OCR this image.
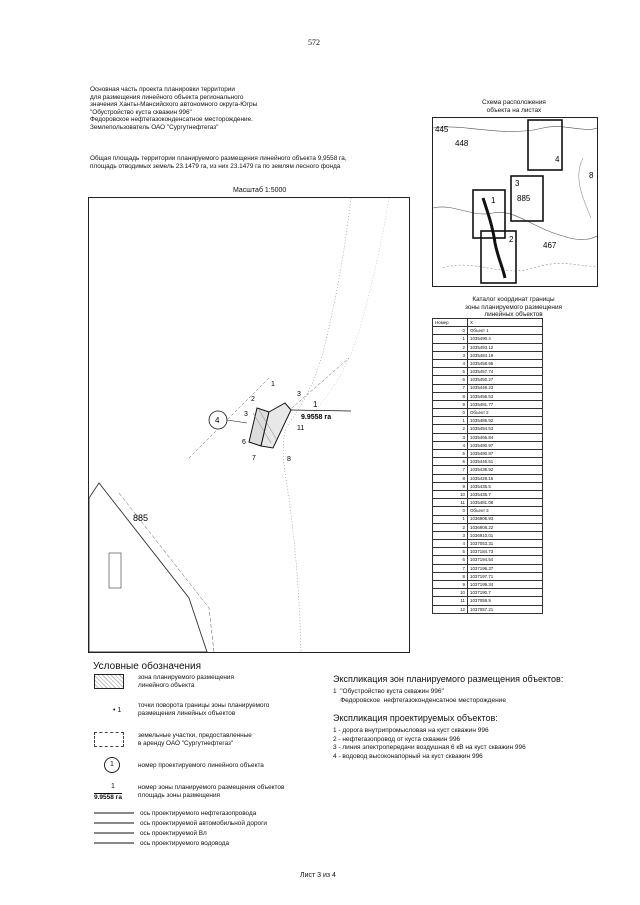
572
Основная часть проекта планировки территории
для размещения линейного объекта регионального
значения Ханты-Мансийского автономного округа-Югры
"Обустройство куста скважин 996"
Федоровское нефтегазоконденсатное месторождение.
Землепользователь ОАО "Сургутнефтегаз"
Общая площадь территории планируемого размещения линейного объекта 9,9558 га,
площадь отводимых земель 23.1479 га, из них 23.1479 га по землям лесного фонда
Масштаб 1:5000
885
1
2
3
3
6
7	8
11
1
9.9558 га
4
Схема расположения
объекта на листах
445
448
885
467
8
1
2
3
4
Каталог координат границы
зоны планируемого размещения
линейных объектов
Номер	X
0	Объект 1
1	1035490.4
2	1035493.12
3	1035484.19
4	1035458.95
5	1035457.74
6	1035450.27
7	1035448.23
8	1035456.53
9	1035481.77
0	Объект 2
1	1035486.92
2	1035494.53
3	1035466.84
4	1035490.97
5	1035490.87
6	1035445.51
7	1035438.92
8	1035428.16
9	1035435.5
10	1035435.7
11	1035481.08
0	Объект 3
1	1036906.93
2	1036908.22
3	1036910.01
4	1037053.31
5	1037184.73
6	1037194.54
7	1037196.37
8	1037197.71
9	1037199.34
10	1037190.7
11	1037059.9
12	1037057.21
Условные обозначения
зона планируемого размещения
линейного объекта
• 1
точки поворота границы зоны планируемого
размещения линейных объектов
земельные участки, предоставленные
в аренду ОАО "Сургутнефтегаз"
1	номер проектируемого линейного объекта
1
9.9558 га
номер зоны планируемого размещения объектов
площадь зоны размещения
ось проектируемого нефтегазопровода
ось проектируемой автомобильной дороги
ось проектируемой Вл
ось проектируемого водовода
Экспликация зон планируемого размещения объектов:
1  "Обустройство куста скважин 996"
Федоровское  нефтегазоконденсатное месторождение
Экспликация проектируемых объектов:
1 - дорога внутрипромысловая на куст скважин 996
2 - нефтегазопровод от куста скважин 996
3 - линия электропередачи воздушная 6 кВ на куст скважин 996
4 - водовод высоконапорный на куст скважин 996
Лист 3 из 4
